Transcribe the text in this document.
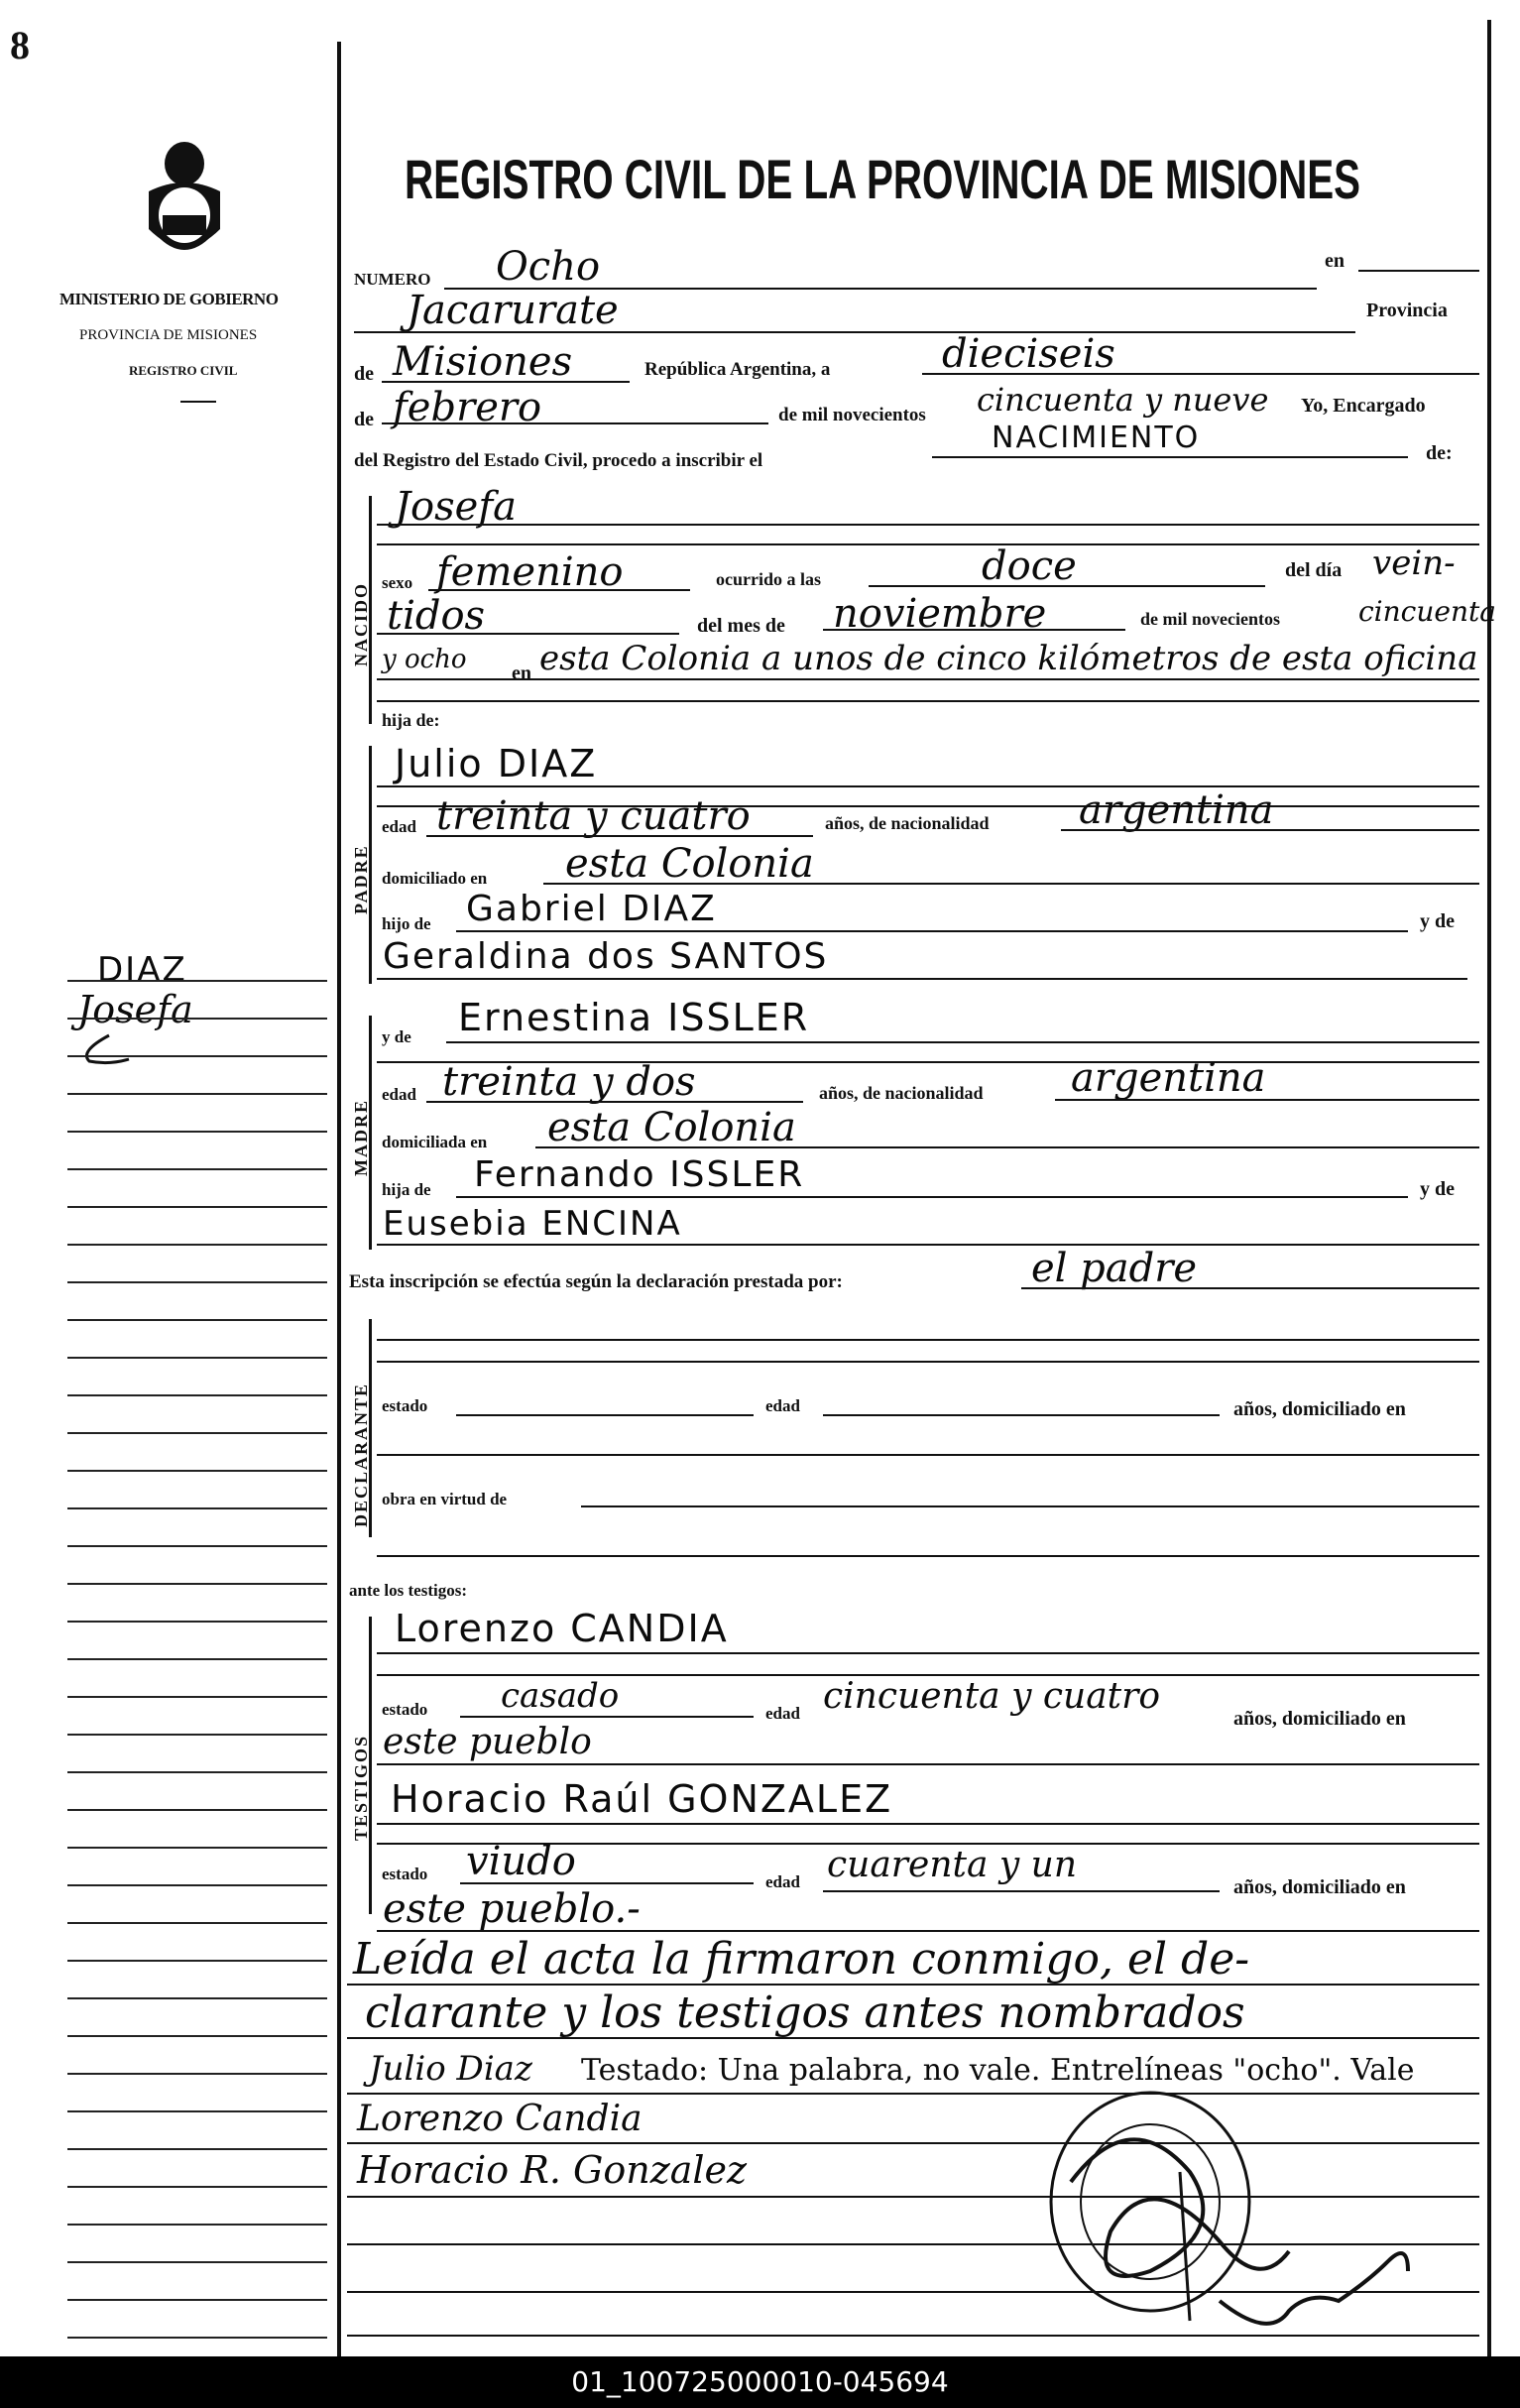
8
MINISTERIO DE GOBIERNO
PROVINCIA DE MISIONES
REGISTRO CIVIL
REGISTRO CIVIL DE LA PROVINCIA DE MISIONES
NUMERO Ocho	en
Jacarurate	Provincia
de Misiones	República Argentina, a	dieciseis
de febrero	de mil novecientos cincuenta y nueve Yo, Encargado
del Registro del Estado Civil, procedo a inscribir el
NACIMIENTO	de:
NACIDO
Josefa
sexo femenino	ocurrido a las	doce	del día vein-
tidos	del mes de noviembre	de mil novecientos	cincuenta
y ocho en esta Colonia a unos de cinco kilómetros de esta oficina
hija de:
PADRE
Julio DIAZ
edad treinta y cuatro	años, de nacionalidad argentina
domiciliado en esta Colonia
hijo de Gabriel DIAZ	y de
Geraldina dos SANTOS
MADRE
y de Ernestina ISSLER
edad treinta y dos	años, de nacionalidad argentina
domiciliada en esta Colonia
hija de Fernando ISSLER	y de
Eusebia ENCINA
Esta inscripción se efectúa según la declaración prestada por:	el padre
DECLARANTE estado	edad	años, domiciliado en
obra en virtud de
ante los testigos:
TESTIGOS
Lorenzo CANDIA
estado casado	edad cincuenta y cuatro
años, domiciliado en
este pueblo
Horacio Raúl GONZALEZ
estado viudo	edad cuarenta y un
años, domiciliado en
este pueblo.-
Leída el acta la firmaron conmigo, el de-
clarante y los testigos antes nombrados
Julio Diaz Testado: Una palabra, no vale. Entrelíneas "ocho". Vale
Lorenzo Candia
Horacio R. Gonzalez
DIAZ
Josefa
01_100725000010-045694
